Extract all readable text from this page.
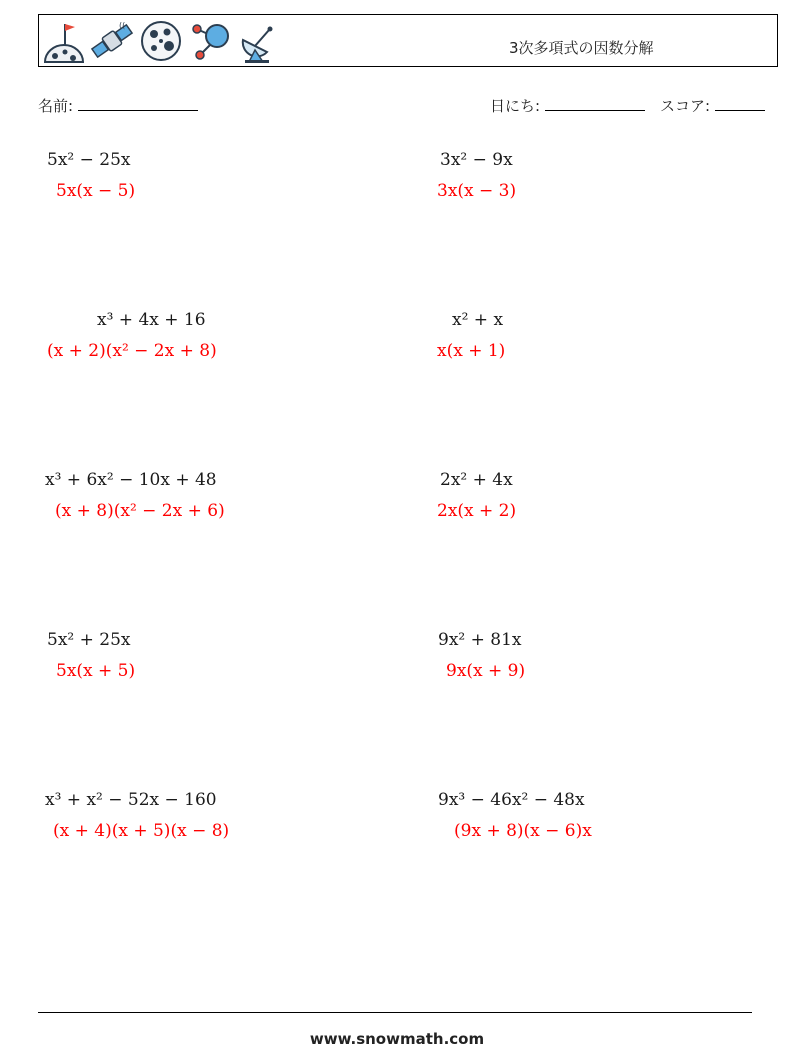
((
3次多項式の因数分解
名前:	日にち:	スコア:
5x² − 25x
5x(x − 5)
3x² − 9x
3x(x − 3)
x³ + 4x + 16
(x + 2)(x² − 2x + 8)
x² + x
x(x + 1)
x³ + 6x² − 10x + 48
(x + 8)(x² − 2x + 6)
2x² + 4x
2x(x + 2)
5x² + 25x
5x(x + 5)
9x² + 81x
9x(x + 9)
x³ + x² − 52x − 160
(x + 4)(x + 5)(x − 8)
9x³ − 46x² − 48x
(9x + 8)(x − 6)x
www.snowmath.com
